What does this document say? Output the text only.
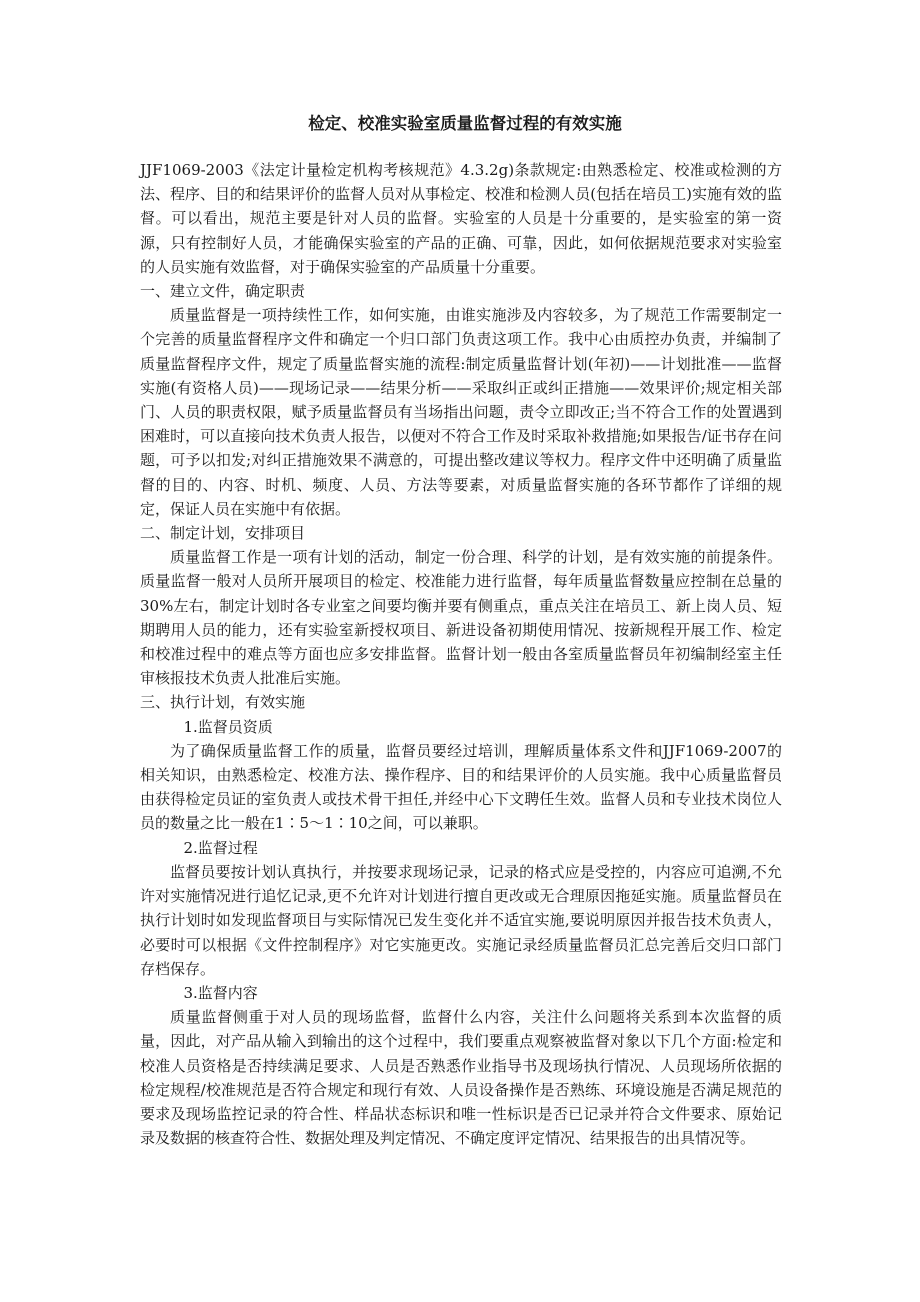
检定、校准实验室质量监督过程的有效实施

JJF1069-2003《法定计量检定机构考核规范》4.3.2g)条款规定:由熟悉检定、校准或检测的方法、程序、目的和结果评价的监督人员对从事检定、校准和检测人员(包括在培员工)实施有效的监督。可以看出，规范主要是针对人员的监督。实验室的人员是十分重要的，是实验室的第一资源，只有控制好人员，才能确保实验室的产品的正确、可靠，因此，如何依据规范要求对实验室的人员实施有效监督，对于确保实验室的产品质量十分重要。

一、建立文件，确定职责

质量监督是一项持续性工作，如何实施，由谁实施涉及内容较多，为了规范工作需要制定一个完善的质量监督程序文件和确定一个归口部门负责这项工作。我中心由质控办负责，并编制了质量监督程序文件，规定了质量监督实施的流程:制定质量监督计划(年初)——计划批准——监督实施(有资格人员)——现场记录——结果分析——采取纠正或纠正措施——效果评价;规定相关部门、人员的职责权限，赋予质量监督员有当场指出问题，责令立即改正;当不符合工作的处置遇到困难时，可以直接向技术负责人报告，以便对不符合工作及时采取补救措施;如果报告/证书存在问题，可予以扣发;对纠正措施效果不满意的，可提出整改建议等权力。程序文件中还明确了质量监督的目的、内容、时机、频度、人员、方法等要素，对质量监督实施的各环节都作了详细的规定，保证人员在实施中有依据。

二、制定计划，安排项目

质量监督工作是一项有计划的活动，制定一份合理、科学的计划，是有效实施的前提条件。质量监督一般对人员所开展项目的检定、校准能力进行监督，每年质量监督数量应控制在总量的30%左右，制定计划时各专业室之间要均衡并要有侧重点，重点关注在培员工、新上岗人员、短期聘用人员的能力，还有实验室新授权项目、新进设备初期使用情况、按新规程开展工作、检定和校准过程中的难点等方面也应多安排监督。监督计划一般由各室质量监督员年初编制经室主任审核报技术负责人批准后实施。

三、执行计划，有效实施

1.监督员资质

为了确保质量监督工作的质量，监督员要经过培训，理解质量体系文件和JJF1069-2007的相关知识，由熟悉检定、校准方法、操作程序、目的和结果评价的人员实施。我中心质量监督员由获得检定员证的室负责人或技术骨干担任,并经中心下文聘任生效。监督人员和专业技术岗位人员的数量之比一般在1∶5～1∶10之间，可以兼职。

2.监督过程

监督员要按计划认真执行，并按要求现场记录，记录的格式应是受控的，内容应可追溯,不允许对实施情况进行追忆记录,更不允许对计划进行擅自更改或无合理原因拖延实施。质量监督员在执行计划时如发现监督项目与实际情况已发生变化并不适宜实施,要说明原因并报告技术负责人，必要时可以根据《文件控制程序》对它实施更改。实施记录经质量监督员汇总完善后交归口部门存档保存。

3.监督内容

质量监督侧重于对人员的现场监督，监督什么内容，关注什么问题将关系到本次监督的质量，因此，对产品从输入到输出的这个过程中，我们要重点观察被监督对象以下几个方面:检定和校准人员资格是否持续满足要求、人员是否熟悉作业指导书及现场执行情况、人员现场所依据的检定规程/校准规范是否符合规定和现行有效、人员设备操作是否熟练、环境设施是否满足规范的要求及现场监控记录的符合性、样品状态标识和唯一性标识是否已记录并符合文件要求、原始记录及数据的核查符合性、数据处理及判定情况、不确定度评定情况、结果报告的出具情况等。
